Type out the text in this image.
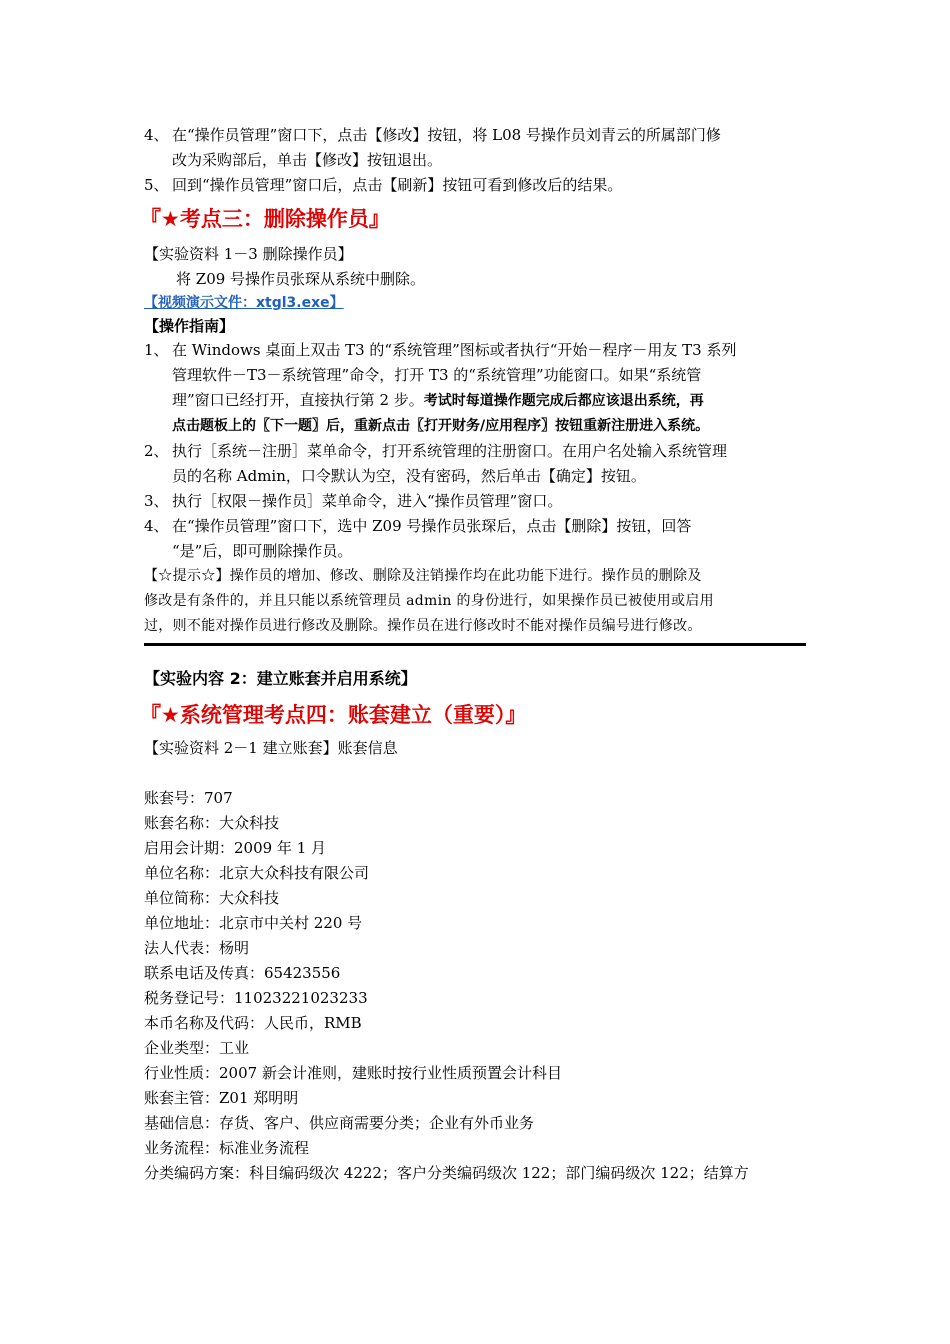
4、 在“操作员管理”窗口下，点击【修改】按钮，将 L08 号操作员刘青云的所属部门修
改为采购部后，单击【修改】按钮退出。
5、 回到“操作员管理”窗口后，点击【刷新】按钮可看到修改后的结果。
『★考点三：删除操作员』
【实验资料 1－3 删除操作员】
将 Z09 号操作员张琛从系统中删除。
【视频演示文件：xtgl3.exe】
【操作指南】
1、 在 Windows 桌面上双击 T3 的“系统管理”图标或者执行“开始－程序－用友 T3 系列
管理软件－T3－系统管理”命令，打开 T3 的“系统管理”功能窗口。如果“系统管
理”窗口已经打开，直接执行第 2 步。考试时每道操作题完成后都应该退出系统，再
点击题板上的〖下一题〗后，重新点击〖打开财务/应用程序〗按钮重新注册进入系统。
2、 执行［系统－注册］菜单命令，打开系统管理的注册窗口。在用户名处输入系统管理
员的名称 Admin，口令默认为空，没有密码，然后单击【确定】按钮。
3、 执行［权限－操作员］菜单命令，进入“操作员管理”窗口。
4、 在“操作员管理”窗口下，选中 Z09 号操作员张琛后，点击【删除】按钮，回答
“是”后，即可删除操作员。
【☆提示☆】操作员的增加、修改、删除及注销操作均在此功能下进行。操作员的删除及
修改是有条件的，并且只能以系统管理员 admin 的身份进行，如果操作员已被使用或启用
过，则不能对操作员进行修改及删除。操作员在进行修改时不能对操作员编号进行修改。
【实验内容 2：建立账套并启用系统】
『★系统管理考点四：账套建立（重要）』
【实验资料 2－1 建立账套】账套信息
账套号：707
账套名称：大众科技
启用会计期：2009 年 1 月
单位名称：北京大众科技有限公司
单位简称：大众科技
单位地址：北京市中关村 220 号
法人代表：杨明
联系电话及传真：65423556
税务登记号：11023221023233
本币名称及代码：人民币，RMB
企业类型：工业
行业性质：2007 新会计准则，建账时按行业性质预置会计科目
账套主管：Z01 郑明明
基础信息：存货、客户、供应商需要分类；企业有外币业务
业务流程：标准业务流程
分类编码方案：科目编码级次 4222；客户分类编码级次 122；部门编码级次 122；结算方
